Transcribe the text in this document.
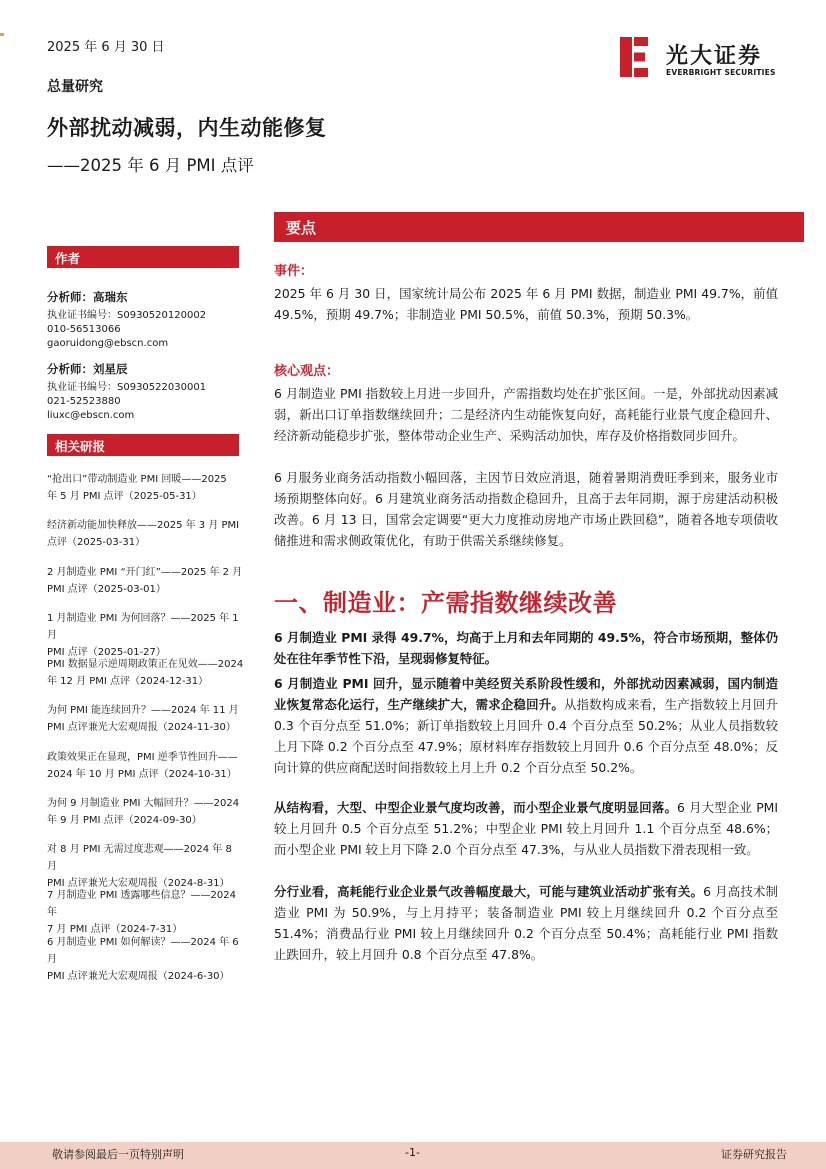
2025 年 6 月 30 日
总量研究
外部扰动减弱，内生动能修复
——2025 年 6 月 PMI 点评
光大证券
EVERBRIGHT SECURITIES
作者
分析师：高瑞东
执业证书编号：S0930520120002
010-56513066
gaoruidong@ebscn.com
分析师：刘星辰
执业证书编号：S0930522030001
021-52523880
liuxc@ebscn.com
相关研报
“抢出口”带动制造业 PMI 回暖——2025
年 5 月 PMI 点评（2025-05-31）
经济新动能加快释放——2025 年 3 月 PMI
点评（2025-03-31）
2 月制造业 PMI “开门红”——2025 年 2 月
PMI 点评（2025-03-01）
1 月制造业 PMI 为何回落？——2025 年 1 月
PMI 点评（2025-01-27）
PMI 数据显示逆周期政策正在见效——2024
年 12 月 PMI 点评（2024-12-31）
为何 PMI 能连续回升？——2024 年 11 月
PMI 点评兼光大宏观周报（2024-11-30）
政策效果正在显现，PMI 逆季节性回升——
2024 年 10 月 PMI 点评（2024-10-31）
为何 9 月制造业 PMI 大幅回升？——2024
年 9 月 PMI 点评（2024-09-30）
对 8 月 PMI 无需过度悲观——2024 年 8 月
PMI 点评兼光大宏观周报（2024-8-31）
7 月制造业 PMI 透露哪些信息？——2024 年
7 月 PMI 点评（2024-7-31）
6 月制造业 PMI 如何解读？——2024 年 6 月
PMI 点评兼光大宏观周报（2024-6-30）
要点
事件：
2025 年 6 月 30 日，国家统计局公布 2025 年 6 月 PMI 数据，制造业 PMI 49.7%，前值 49.5%，预期 49.7%；非制造业 PMI 50.5%，前值 50.3%，预期 50.3%。
核心观点：
6 月制造业 PMI 指数较上月进一步回升，产需指数均处在扩张区间。一是，外部扰动因素减弱，新出口订单指数继续回升；二是经济内生动能恢复向好，高耗能行业景气度企稳回升、经济新动能稳步扩张，整体带动企业生产、采购活动加快，库存及价格指数同步回升。
6 月服务业商务活动指数小幅回落，主因节日效应消退，随着暑期消费旺季到来，服务业市场预期整体向好。6 月建筑业商务活动指数企稳回升，且高于去年同期，源于房建活动积极改善。6 月 13 日，国常会定调要“更大力度推动房地产市场止跌回稳”，随着各地专项债收储推进和需求侧政策优化，有助于供需关系继续修复。
一、制造业：产需指数继续改善
6 月制造业 PMI 录得 49.7%，均高于上月和去年同期的 49.5%，符合市场预期，整体仍处在往年季节性下沿，呈现弱修复特征。
6 月制造业 PMI 回升，显示随着中美经贸关系阶段性缓和，外部扰动因素减弱，国内制造业恢复常态化运行，生产继续扩大，需求企稳回升。从指数构成来看，生产指数较上月回升 0.3 个百分点至 51.0%；新订单指数较上月回升 0.4 个百分点至 50.2%；从业人员指数较上月下降 0.2 个百分点至 47.9%；原材料库存指数较上月回升 0.6 个百分点至 48.0%；反向计算的供应商配送时间指数较上月上升 0.2 个百分点至 50.2%。
从结构看，大型、中型企业景气度均改善，而小型企业景气度明显回落。6 月大型企业 PMI 较上月回升 0.5 个百分点至 51.2%；中型企业 PMI 较上月回升 1.1 个百分点至 48.6%；而小型企业 PMI 较上月下降 2.0 个百分点至 47.3%，与从业人员指数下滑表现相一致。
分行业看，高耗能行业企业景气改善幅度最大，可能与建筑业活动扩张有关。6 月高技术制造业 PMI 为 50.9%，与上月持平；装备制造业 PMI 较上月继续回升 0.2 个百分点至 51.4%；消费品行业 PMI 较上月继续回升 0.2 个百分点至 50.4%；高耗能行业 PMI 指数止跌回升，较上月回升 0.8 个百分点至 47.8%。
敬请参阅最后一页特别声明	-1-	证券研究报告
